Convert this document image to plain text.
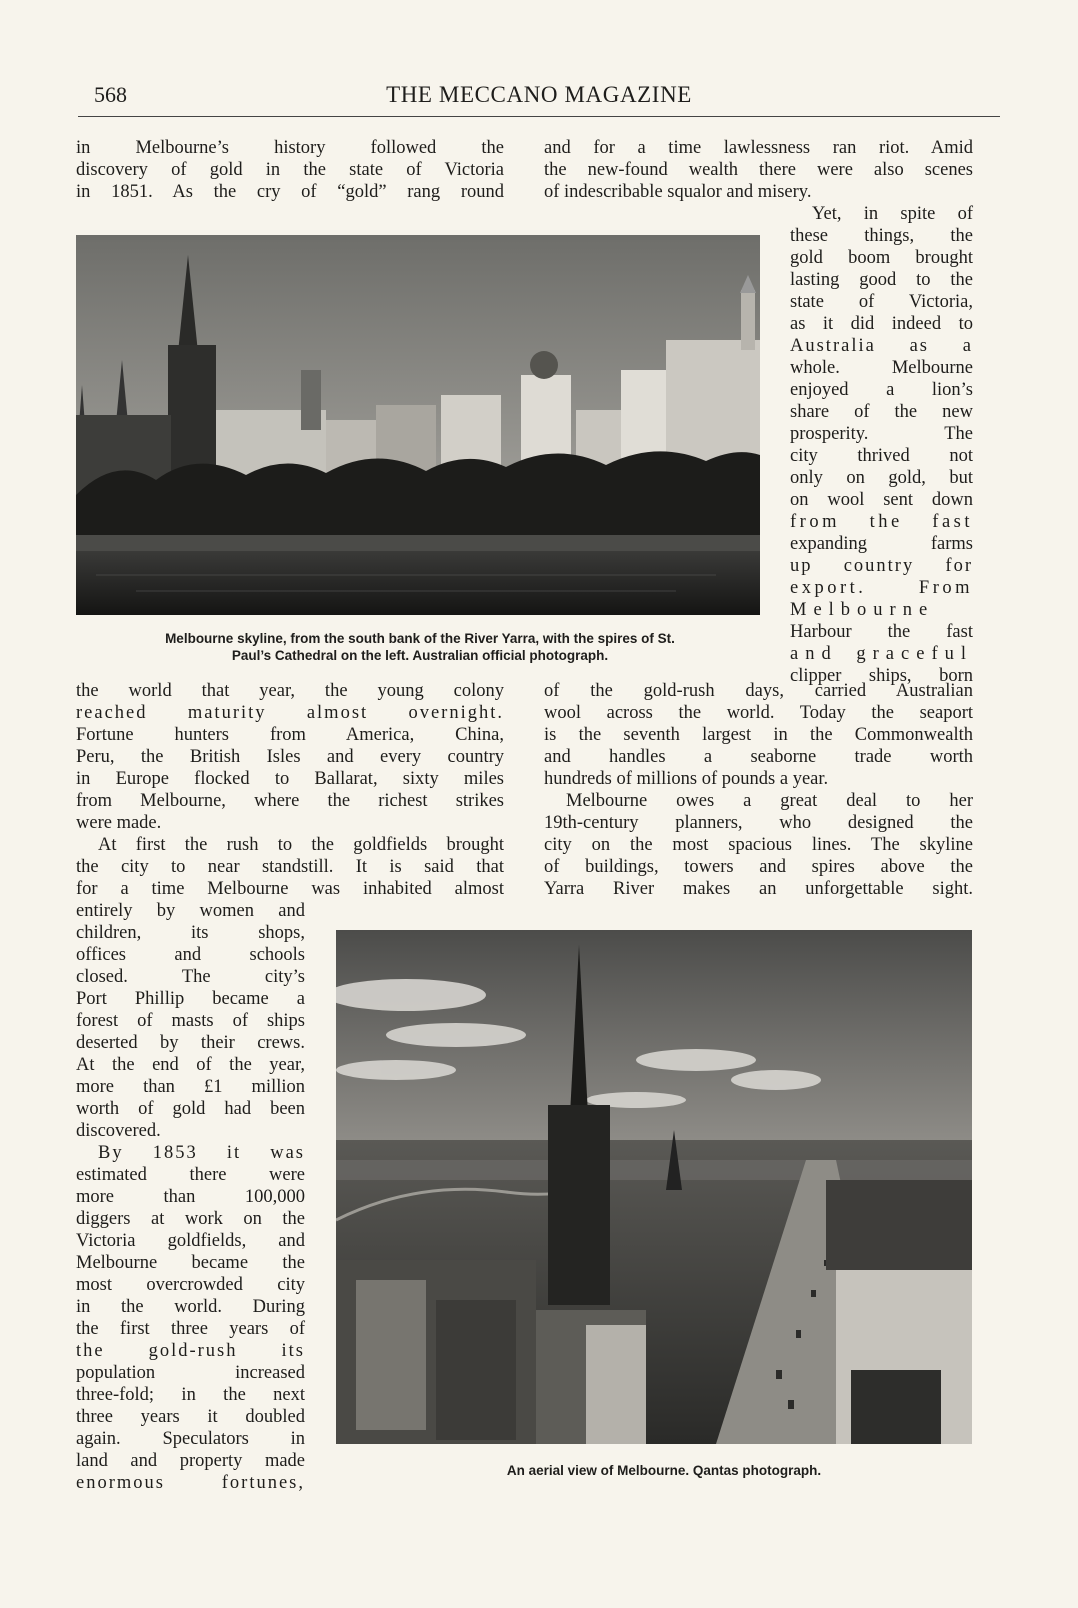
568	THE MECCANO MAGAZINE
in Melbourne’s history followed the
discovery of gold in the state of Victoria
in 1851. As the cry of “gold” rang round
and for a time lawlessness ran riot. Amid
the new-found wealth there were also scenes
of indescribable squalor and misery.
Yet, in spite of
these things, the
gold boom brought
lasting good to the
state of Victoria,
as it did indeed to
Australia as a
whole. Melbourne
enjoyed a lion’s
share of the new
prosperity. The
city thrived not
only on gold, but
on wool sent down
from the fast
expanding farms
up country for
export. From
Melbourne
Harbour the fast
and graceful
clipper ships, born
Melbourne skyline, from the south bank of the River Yarra, with the spires of St.
Paul’s Cathedral on the left. Australian official photograph.
the world that year, the young colony
reached maturity almost overnight.
Fortune hunters from America, China,
Peru, the British Isles and every country
in Europe flocked to Ballarat, sixty miles
from Melbourne, where the richest strikes
were made.
At first the rush to the goldfields brought
the city to near standstill. It is said that
for a time Melbourne was inhabited almost
of the gold-rush days, carried Australian
wool across the world. Today the seaport
is the seventh largest in the Commonwealth
and handles a seaborne trade worth
hundreds of millions of pounds a year.
Melbourne owes a great deal to her
19th-century planners, who designed the
city on the most spacious lines. The skyline
of buildings, towers and spires above the
Yarra River makes an unforgettable sight.
entirely by women and
children, its shops,
offices and schools
closed. The city’s
Port Phillip became a
forest of masts of ships
deserted by their crews.
At the end of the year,
more than £1 million
worth of gold had been
discovered.
By 1853 it was
estimated there were
more than 100,000
diggers at work on the
Victoria goldfields, and
Melbourne became the
most overcrowded city
in the world. During
the first three years of
the gold-rush its
population increased
three-fold; in the next
three years it doubled
again. Speculators in
land and property made
enormous fortunes,
An aerial view of Melbourne. Qantas photograph.
